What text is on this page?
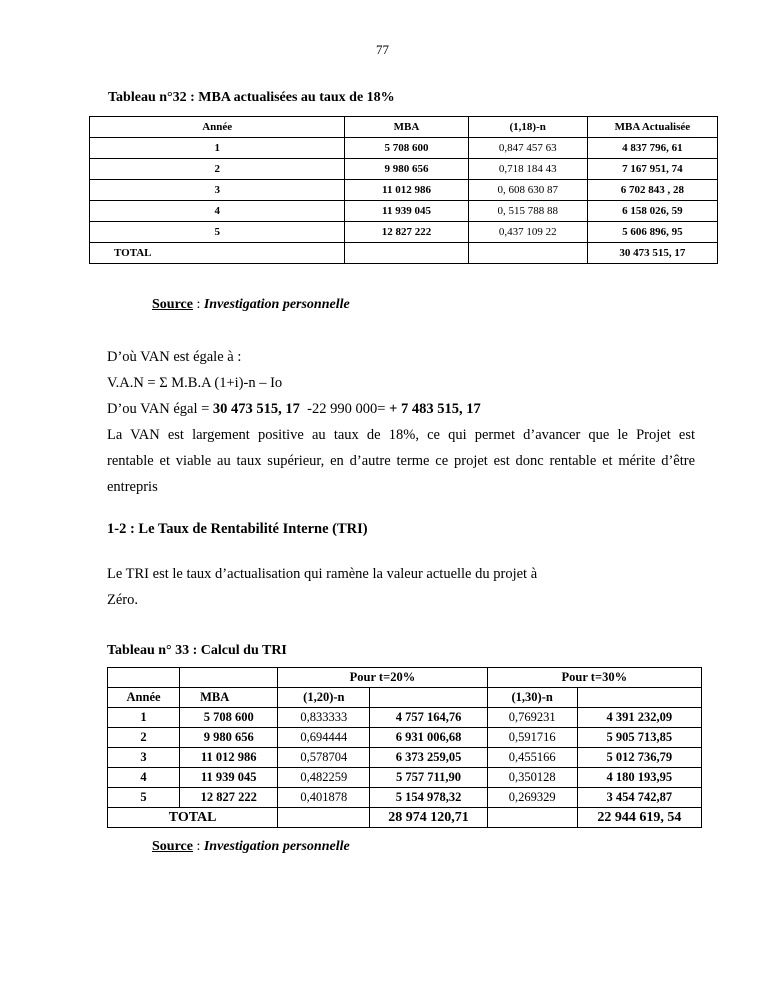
77
Tableau n°32 : MBA actualisées au taux de 18%
Année	MBA	(1,18)-n	MBA Actualisée
1	5 708 600	0,847 457 63	4 837 796, 61
2	9 980 656	0,718 184 43	7 167 951, 74
3	11 012 986	0, 608 630 87	6 702 843 , 28
4	11 939 045	0, 515 788 88	6 158 026, 59
5	12 827 222	0,437 109 22	5 606 896, 95
TOTAL			30 473 515, 17
Source : Investigation personnelle
D’où VAN est égale à :
V.A.N = Σ M.B.A (1+i)-n – Io
D’ou VAN égal = 30 473 515, 17  -22 990 000= + 7 483 515, 17
La VAN est largement positive au taux de 18%, ce qui permet d’avancer que le Projet est
rentable et viable au taux supérieur, en d’autre terme ce projet est donc rentable et mérite d’être
entrepris
1-2 : Le Taux de Rentabilité Interne (TRI)
Le TRI est le taux d’actualisation qui ramène la valeur actuelle du projet à
Zéro.
Tableau n° 33 : Calcul du TRI
		Pour t=20%		Pour t=30%	
Année	MBA	(1,20)-n		(1,30)-n	
1	5 708 600	0,833333	4 757 164,76	0,769231	4 391 232,09
2	9 980 656	0,694444	6 931 006,68	0,591716	5 905 713,85
3	11 012 986	0,578704	6 373 259,05	0,455166	5 012 736,79
4	11 939 045	0,482259	5 757 711,90	0,350128	4 180 193,95
5	12 827 222	0,401878	5 154 978,32	0,269329	3 454 742,87
TOTAL			28 974 120,71		22 944 619, 54
Source : Investigation personnelle
